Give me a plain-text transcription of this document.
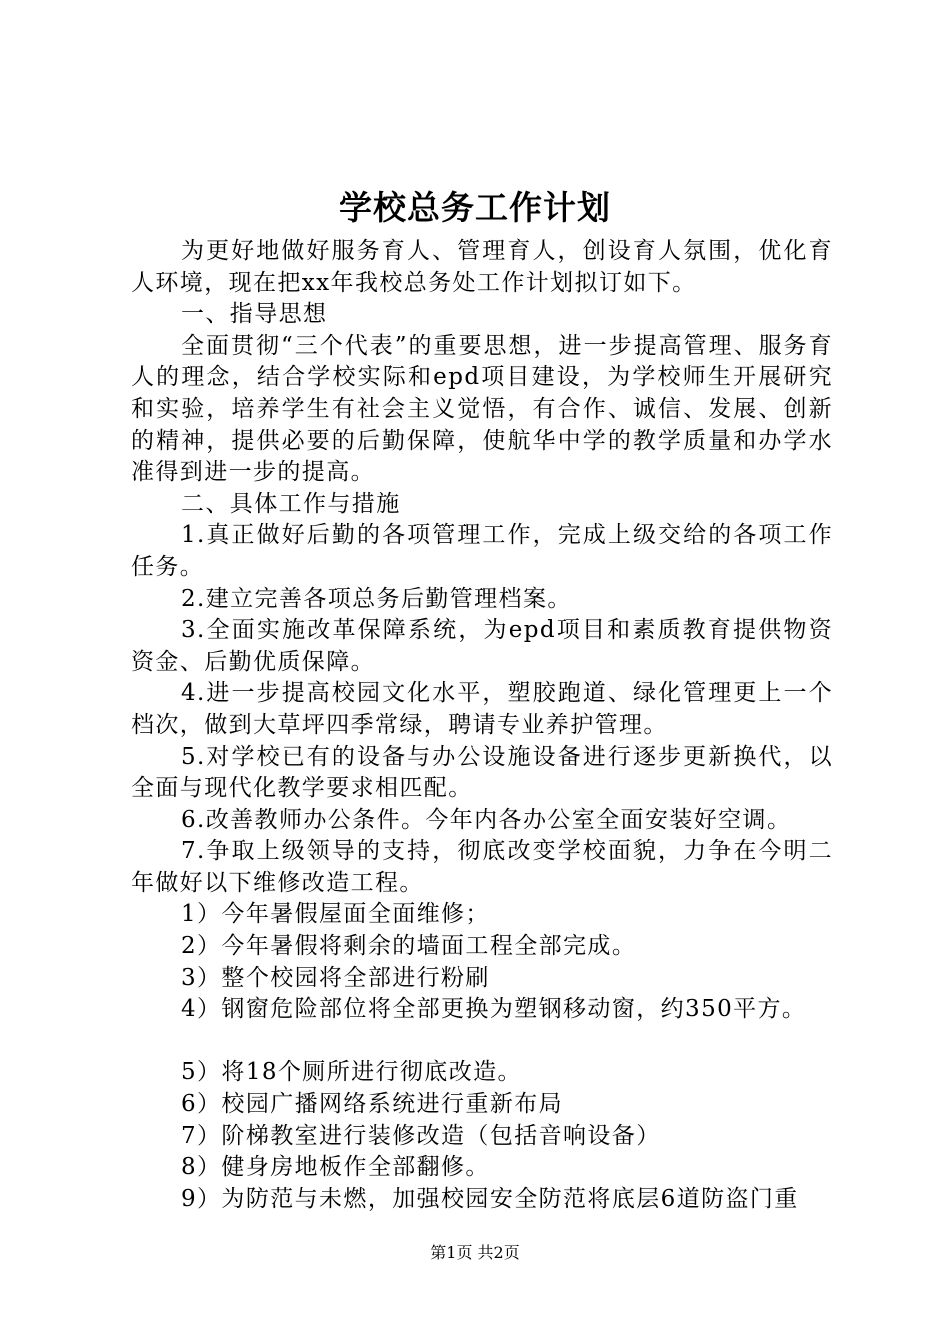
学校总务工作计划

为更好地做好服务育人、管理育人，创设育人氛围，优化育人环境，现在把xx年我校总务处工作计划拟订如下。

一、指导思想

全面贯彻“三个代表”的重要思想，进一步提高管理、服务育人的理念，结合学校实际和epd项目建设，为学校师生开展研究和实验，培养学生有社会主义觉悟，有合作、诚信、发展、创新的精神，提供必要的后勤保障，使航华中学的教学质量和办学水准得到进一步的提高。

二、具体工作与措施

1.真正做好后勤的各项管理工作，完成上级交给的各项工作任务。

2.建立完善各项总务后勤管理档案。

3.全面实施改革保障系统，为epd项目和素质教育提供物资资金、后勤优质保障。

4.进一步提高校园文化水平，塑胶跑道、绿化管理更上一个档次，做到大草坪四季常绿，聘请专业养护管理。

5.对学校已有的设备与办公设施设备进行逐步更新换代，以全面与现代化教学要求相匹配。

6.改善教师办公条件。今年内各办公室全面安装好空调。

7.争取上级领导的支持，彻底改变学校面貌，力争在今明二年做好以下维修改造工程。

1）今年暑假屋面全面维修；

2）今年暑假将剩余的墙面工程全部完成。

3）整个校园将全部进行粉刷

4）钢窗危险部位将全部更换为塑钢移动窗，约350平方。

5）将18个厕所进行彻底改造。

6）校园广播网络系统进行重新布局

7）阶梯教室进行装修改造（包括音响设备）

8）健身房地板作全部翻修。

9）为防范与未燃，加强校园安全防范将底层6道防盗门重

第1页 共2页
